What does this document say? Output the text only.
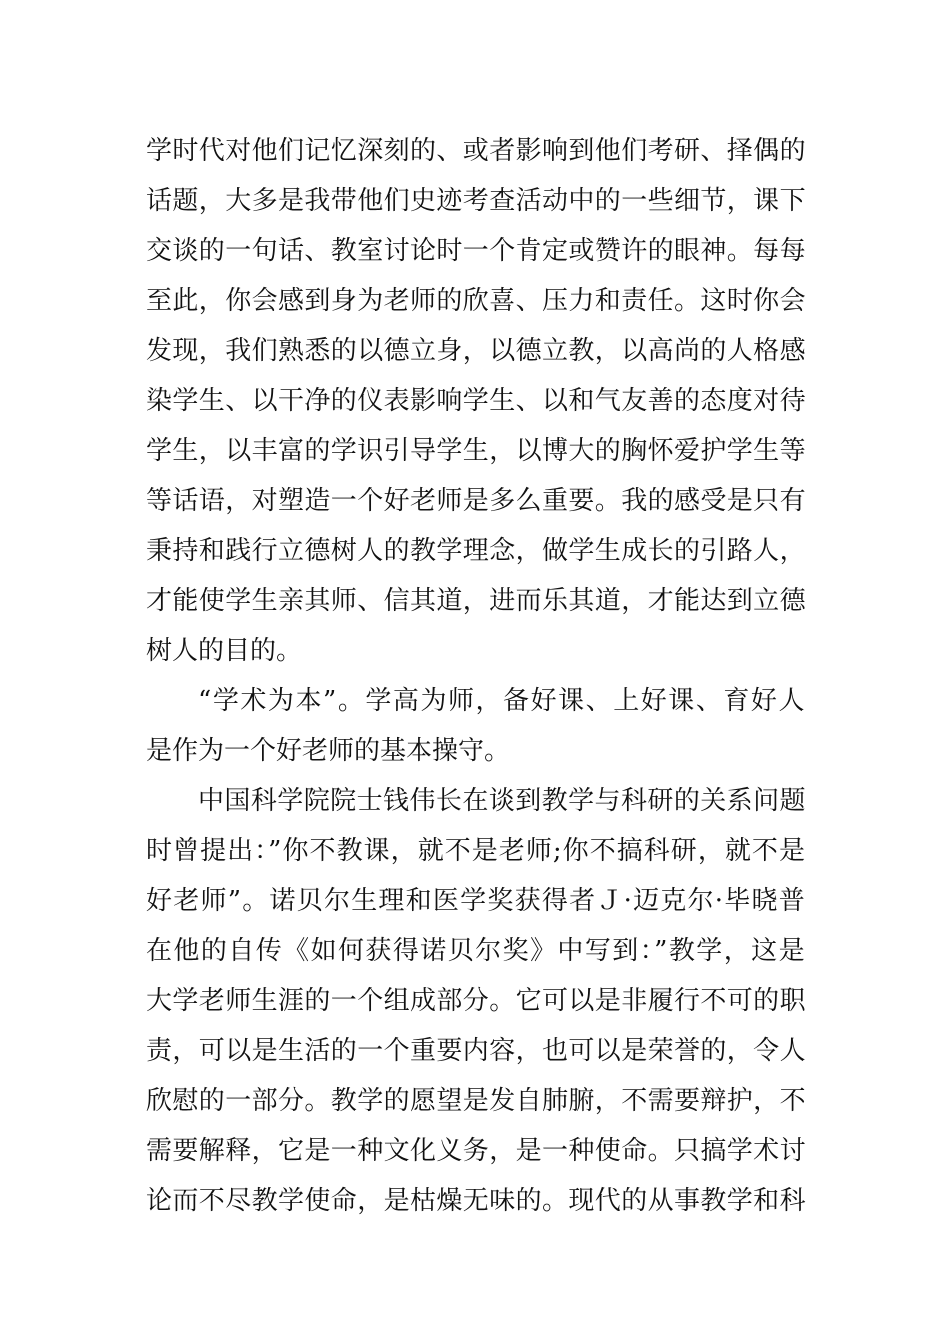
学时代对他们记忆深刻的、或者影响到他们考研、择偶的
话题，大多是我带他们史迹考查活动中的一些细节，课下
交谈的一句话、教室讨论时一个肯定或赞许的眼神。每每
至此，你会感到身为老师的欣喜、压力和责任。这时你会
发现，我们熟悉的以德立身，以德立教，以高尚的人格感
染学生、以干净的仪表影响学生、以和气友善的态度对待
学生，以丰富的学识引导学生，以博大的胸怀爱护学生等
等话语，对塑造一个好老师是多么重要。我的感受是只有
秉持和践行立德树人的教学理念，做学生成长的引路人，
才能使学生亲其师、信其道，进而乐其道，才能达到立德
树人的目的。
“学术为本”。学高为师，备好课、上好课、育好人
是作为一个好老师的基本操守。
中国科学院院士钱伟长在谈到教学与科研的关系问题
时曾提出：”你不教课，就不是老师;你不搞科研，就不是
好老师”。诺贝尔生理和医学奖获得者Ｊ·迈克尔·毕晓普
在他的自传《如何获得诺贝尔奖》中写到：”教学，这是
大学老师生涯的一个组成部分。它可以是非履行不可的职
责，可以是生活的一个重要内容，也可以是荣誉的，令人
欣慰的一部分。教学的愿望是发自肺腑，不需要辩护，不
需要解释，它是一种文化义务，是一种使命。只搞学术讨
论而不尽教学使命，是枯燥无味的。现代的从事教学和科
